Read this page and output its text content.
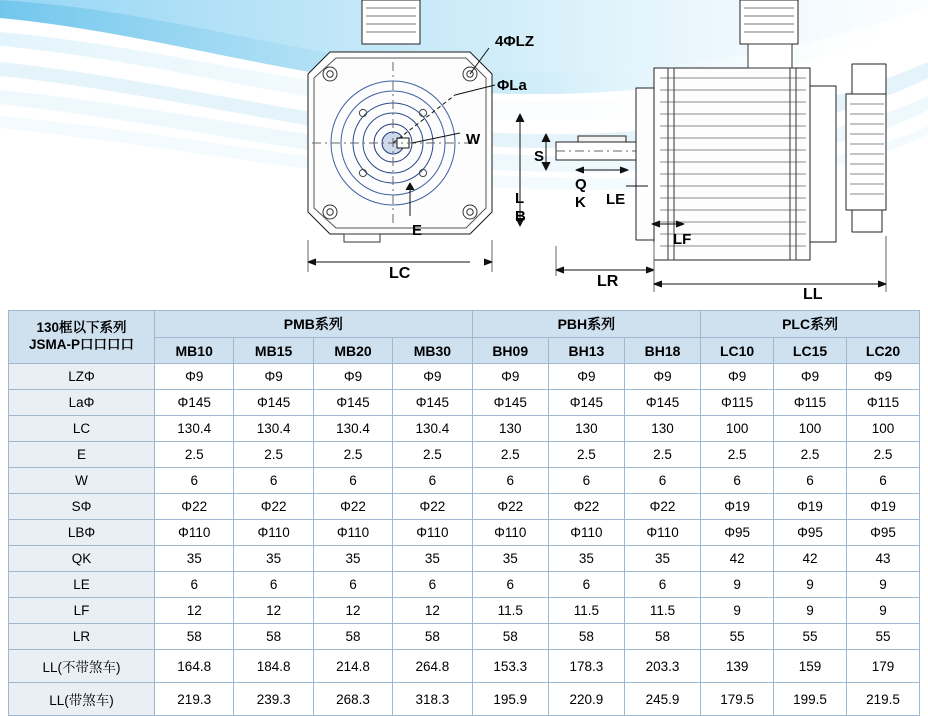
4ΦLZ
ΦLa
W
E
L
B
S
Q
K LE
LF
LC	LR
LL
130框以下系列
JSMA-P口口口口	PMB系列				PBH系列			PLC系列		
	MB10	MB15	MB20	MB30	BH09	BH13	BH18	LC10	LC15	LC20
LZΦ	Φ9	Φ9	Φ9	Φ9	Φ9	Φ9	Φ9	Φ9	Φ9	Φ9
LaΦ	Φ145	Φ145	Φ145	Φ145	Φ145	Φ145	Φ145	Φ115	Φ115	Φ115
LC	130.4	130.4	130.4	130.4	130	130	130	100	100	100
E	2.5	2.5	2.5	2.5	2.5	2.5	2.5	2.5	2.5	2.5
W	6	6	6	6	6	6	6	6	6	6
SΦ	Φ22	Φ22	Φ22	Φ22	Φ22	Φ22	Φ22	Φ19	Φ19	Φ19
LBΦ	Φ110	Φ110	Φ110	Φ110	Φ110	Φ110	Φ110	Φ95	Φ95	Φ95
QK	35	35	35	35	35	35	35	42	42	43
LE	6	6	6	6	6	6	6	9	9	9
LF	12	12	12	12	11.5	11.5	11.5	9	9	9
LR	58	58	58	58	58	58	58	55	55	55
LL(不带煞车)	164.8	184.8	214.8	264.8	153.3	178.3	203.3	139	159	179
LL(带煞车)	219.3	239.3	268.3	318.3	195.9	220.9	245.9	179.5	199.5	219.5
